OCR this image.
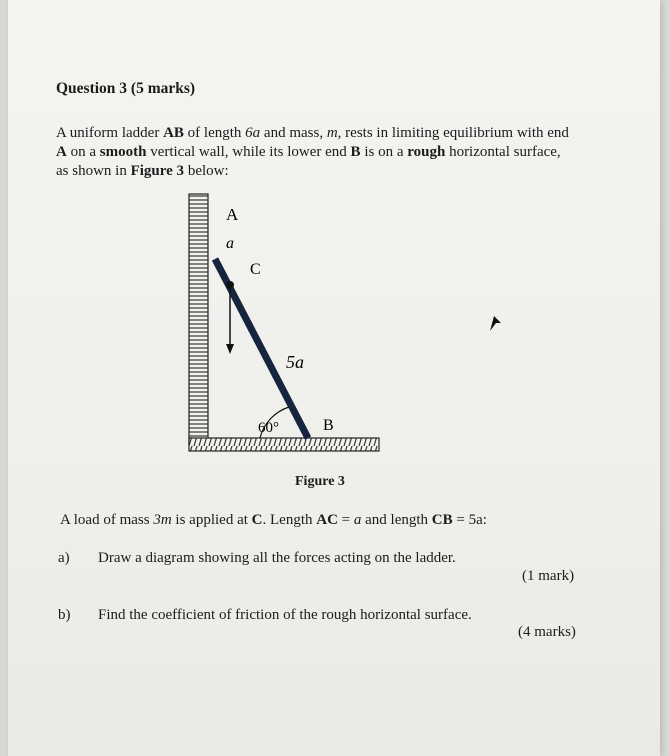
Question 3 (5 marks)

A uniform ladder AB of length 6a and mass, m, rests in limiting equilibrium with end A on a smooth vertical wall, while its lower end B is on a rough horizontal surface, as shown in Figure 3 below:

A
a
C
5a
60°	B

Figure 3

A load of mass 3m is applied at C. Length AC = a and length CB = 5a:

a) Draw a diagram showing all the forces acting on the ladder.

(1 mark)

b) Find the coefficient of friction of the rough horizontal surface.

(4 marks)
